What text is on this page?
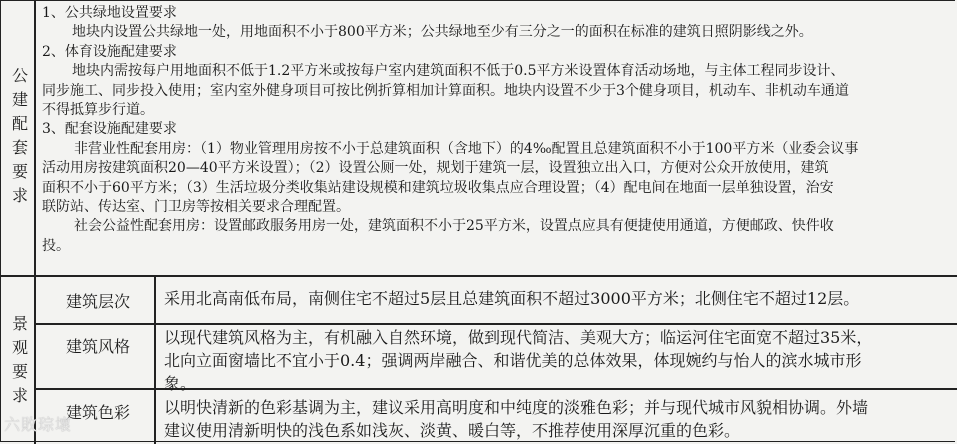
公
建
配
套
要
求
1、公共绿地设置要求
地块内设置公共绿地一处，用地面积不小于800平方米；公共绿地至少有三分之一的面积在标准的建筑日照阴影线之外。
2、体育设施配建要求
地块内需按每户用地面积不低于1.2平方米或按每户室内建筑面积不低于0.5平方米设置体育活动场地，与主体工程同步设计、
同步施工、同步投入使用；室内室外健身项目可按比例折算相加计算面积。地块内设置不少于3个健身项目，机动车、非机动车通道
不得抵算步行道。
3、配套设施配建要求
非营业性配套用房：（1）物业管理用房按不小于总建筑面积（含地下）的4‰配置且总建筑面积不小于100平方米（业委会议事
活动用房按建筑面积20—40平方米设置）；（2）设置公厕一处，规划于建筑一层，设置独立出入口，方便对公众开放使用，建筑
面积不小于60平方米；（3）生活垃圾分类收集站建设规模和建筑垃圾收集点应合理设置；（4）配电间在地面一层单独设置，治安
联防站、传达室、门卫房等按相关要求合理配置。
社会公益性配套用房：设置邮政服务用房一处，建筑面积不小于25平方米，设置点应具有便捷使用通道，方便邮政、快件收
投。
景
观
要
求
建筑层次	采用北高南低布局，南侧住宅不超过5层且总建筑面积不超过3000平方米；北侧住宅不超过12层。
建筑风格	以现代建筑风格为主，有机融入自然环境，做到现代简洁、美观大方；临运河住宅面宽不超过35米，
北向立面窗墙比不宜小于0.4；强调两岸融合、和谐优美的总体效果，体现婉约与怡人的滨水城市形
象。
建筑色彩	以明快清新的色彩基调为主，建议采用高明度和中纯度的淡雅色彩；并与现代城市风貌相协调。外墙
建议使用清新明快的浅色系如浅灰、淡黄、暖白等，不推荐使用深厚沉重的色彩。
六敗琮壞
